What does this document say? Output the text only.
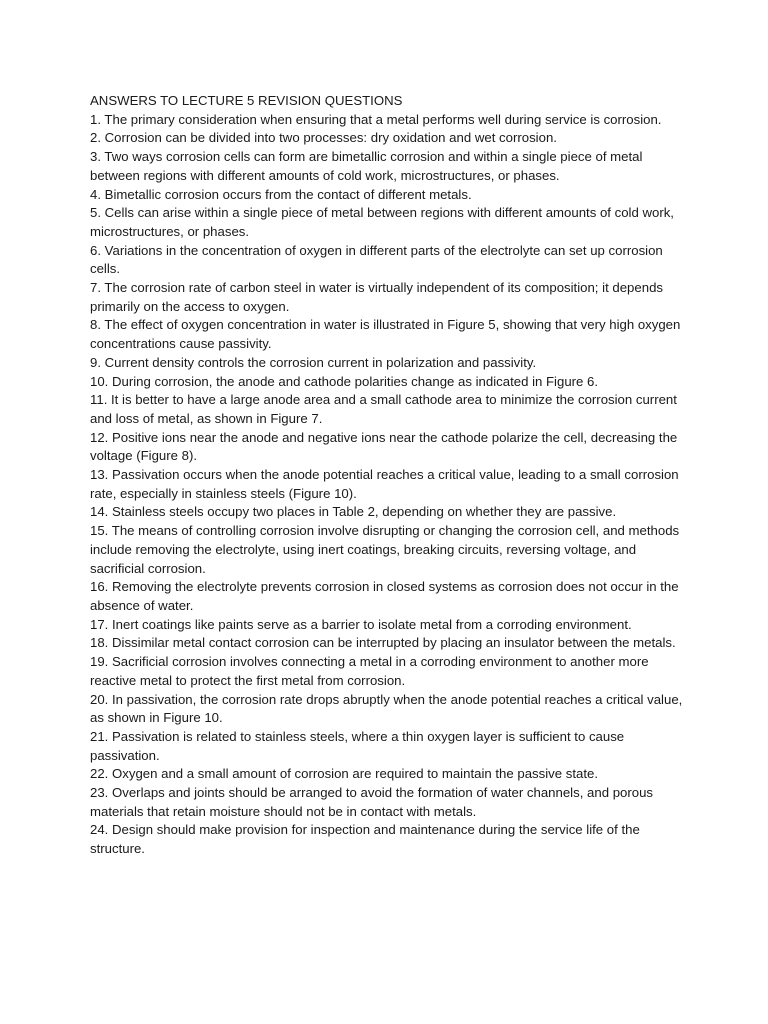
ANSWERS TO LECTURE 5 REVISION QUESTIONS

1. The primary consideration when ensuring that a metal performs well during service is corrosion.

2. Corrosion can be divided into two processes: dry oxidation and wet corrosion.

3. Two ways corrosion cells can form are bimetallic corrosion and within a single piece of metal between regions with different amounts of cold work, microstructures, or phases.

4. Bimetallic corrosion occurs from the contact of different metals.

5. Cells can arise within a single piece of metal between regions with different amounts of cold work, microstructures, or phases.

6. Variations in the concentration of oxygen in different parts of the electrolyte can set up corrosion cells.

7. The corrosion rate of carbon steel in water is virtually independent of its composition; it depends primarily on the access to oxygen.

8. The effect of oxygen concentration in water is illustrated in Figure 5, showing that very high oxygen concentrations cause passivity.

9. Current density controls the corrosion current in polarization and passivity.

10. During corrosion, the anode and cathode polarities change as indicated in Figure 6.

11. It is better to have a large anode area and a small cathode area to minimize the corrosion current and loss of metal, as shown in Figure 7.

12. Positive ions near the anode and negative ions near the cathode polarize the cell, decreasing the voltage (Figure 8).

13. Passivation occurs when the anode potential reaches a critical value, leading to a small corrosion rate, especially in stainless steels (Figure 10).

14. Stainless steels occupy two places in Table 2, depending on whether they are passive.

15. The means of controlling corrosion involve disrupting or changing the corrosion cell, and methods include removing the electrolyte, using inert coatings, breaking circuits, reversing voltage, and sacrificial corrosion.

16. Removing the electrolyte prevents corrosion in closed systems as corrosion does not occur in the absence of water.

17. Inert coatings like paints serve as a barrier to isolate metal from a corroding environment.

18. Dissimilar metal contact corrosion can be interrupted by placing an insulator between the metals.

19. Sacrificial corrosion involves connecting a metal in a corroding environment to another more reactive metal to protect the first metal from corrosion.

20. In passivation, the corrosion rate drops abruptly when the anode potential reaches a critical value, as shown in Figure 10.

21. Passivation is related to stainless steels, where a thin oxygen layer is sufficient to cause passivation.

22. Oxygen and a small amount of corrosion are required to maintain the passive state.

23. Overlaps and joints should be arranged to avoid the formation of water channels, and porous materials that retain moisture should not be in contact with metals.

24. Design should make provision for inspection and maintenance during the service life of the structure.
